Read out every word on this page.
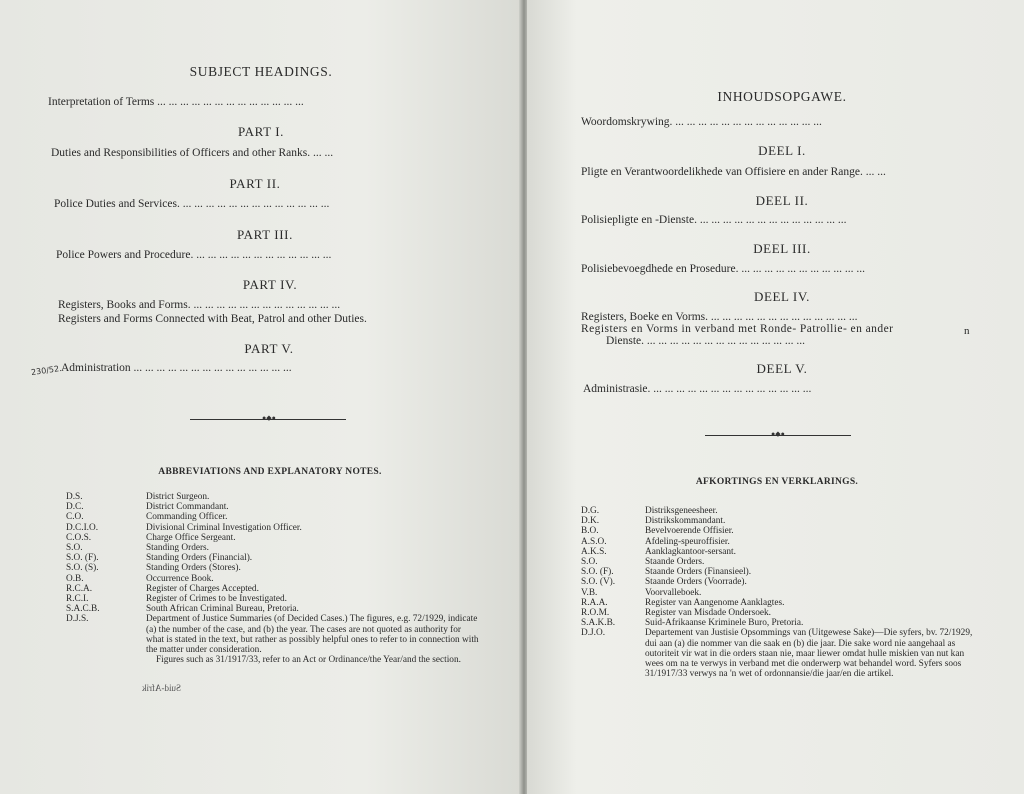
SUBJECT HEADINGS.
Interpretation of Terms ... ... ... ... ... ... ... ... ... ... ... ... ...
PART I.
Duties and Responsibilities of Officers and other Ranks. ... ...
PART II.
Police Duties and Services. ... ... ... ... ... ... ... ... ... ... ... ... ...
PART III.
Police Powers and Procedure. ... ... ... ... ... ... ... ... ... ... ... ...
PART IV.
Registers, Books and Forms. ... ... ... ... ... ... ... ... ... ... ... ... ...
Registers and Forms Connected with Beat, Patrol and other Duties.
PART V.
230/52.
Administration ... ... ... ... ... ... ... ... ... ... ... ... ... ...
●◆●
ABBREVIATIONS AND EXPLANATORY NOTES.
D.S.	District Surgeon.
D.C.	District Commandant.
C.O.	Commanding Officer.
D.C.I.O.	Divisional Criminal Investigation Officer.
C.O.S.	Charge Office Sergeant.
S.O.	Standing Orders.
S.O. (F).	Standing Orders (Financial).
S.O. (S).	Standing Orders (Stores).
O.B.	Occurrence Book.
R.C.A.	Register of Charges Accepted.
R.C.I.	Register of Crimes to be Investigated.
S.A.C.B.	South African Criminal Bureau, Pretoria.
D.J.S.	Department of Justice Summaries (of Decided Cases.) The figures, e.g. 72/1929, indicate (a) the number of the case, and (b) the year. The cases are not quoted as authority for what is stated in the text, but rather as possibly helpful ones to refer to in connection with the matter under consideration.
Figures such as 31/1917/33, refer to an Act or Ordinance/the Year/and the section.
Suid-Afrik
INHOUDSOPGAWE.
Woordomskrywing. ... ... ... ... ... ... ... ... ... ... ... ... ...
DEEL I.
Pligte en Verantwoordelikhede van Offisiere en ander Range. ... ...
DEEL II.
Polisiepligte en -Dienste. ... ... ... ... ... ... ... ... ... ... ... ... ...
DEEL III.
Polisiebevoegdhede en Prosedure. ... ... ... ... ... ... ... ... ... ... ...
DEEL IV.
Registers, Boeke en Vorms. ... ... ... ... ... ... ... ... ... ... ... ... ...
Registers en Vorms in verband met Ronde- Patrollie- en ander
Dienste. ... ... ... ... ... ... ... ... ... ... ... ... ... ...
n
DEEL V.
Administrasie. ... ... ... ... ... ... ... ... ... ... ... ... ... ...
●◆●
AFKORTINGS EN VERKLARINGS.
D.G.	Distriksgeneesheer.
D.K.	Distrikskommandant.
B.O.	Bevelvoerende Offisier.
A.S.O.	Afdeling-speuroffisier.
A.K.S.	Aanklagkantoor-sersant.
S.O.	Staande Orders.
S.O. (F).	Staande Orders (Finansieel).
S.O. (V).	Staande Orders (Voorrade).
V.B.	Voorvalleboek.
R.A.A.	Register van Aangenome Aanklagtes.
R.O.M.	Register van Misdade Ondersoek.
S.A.K.B.	Suid-Afrikaanse Kriminele Buro, Pretoria.
D.J.O.	Departement van Justisie Opsommings van (Uitgewese Sake)—Die syfers, bv. 72/1929, dui aan (a) die nommer van die saak en (b) die jaar. Die sake word nie aangehaal as outoriteit vir wat in die orders staan nie, maar liewer omdat hulle miskien van nut kan wees om na te verwys in verband met die onderwerp wat behandel word. Syfers soos 31/1917/33 verwys na 'n wet of ordonnansie/die jaar/en die artikel.
